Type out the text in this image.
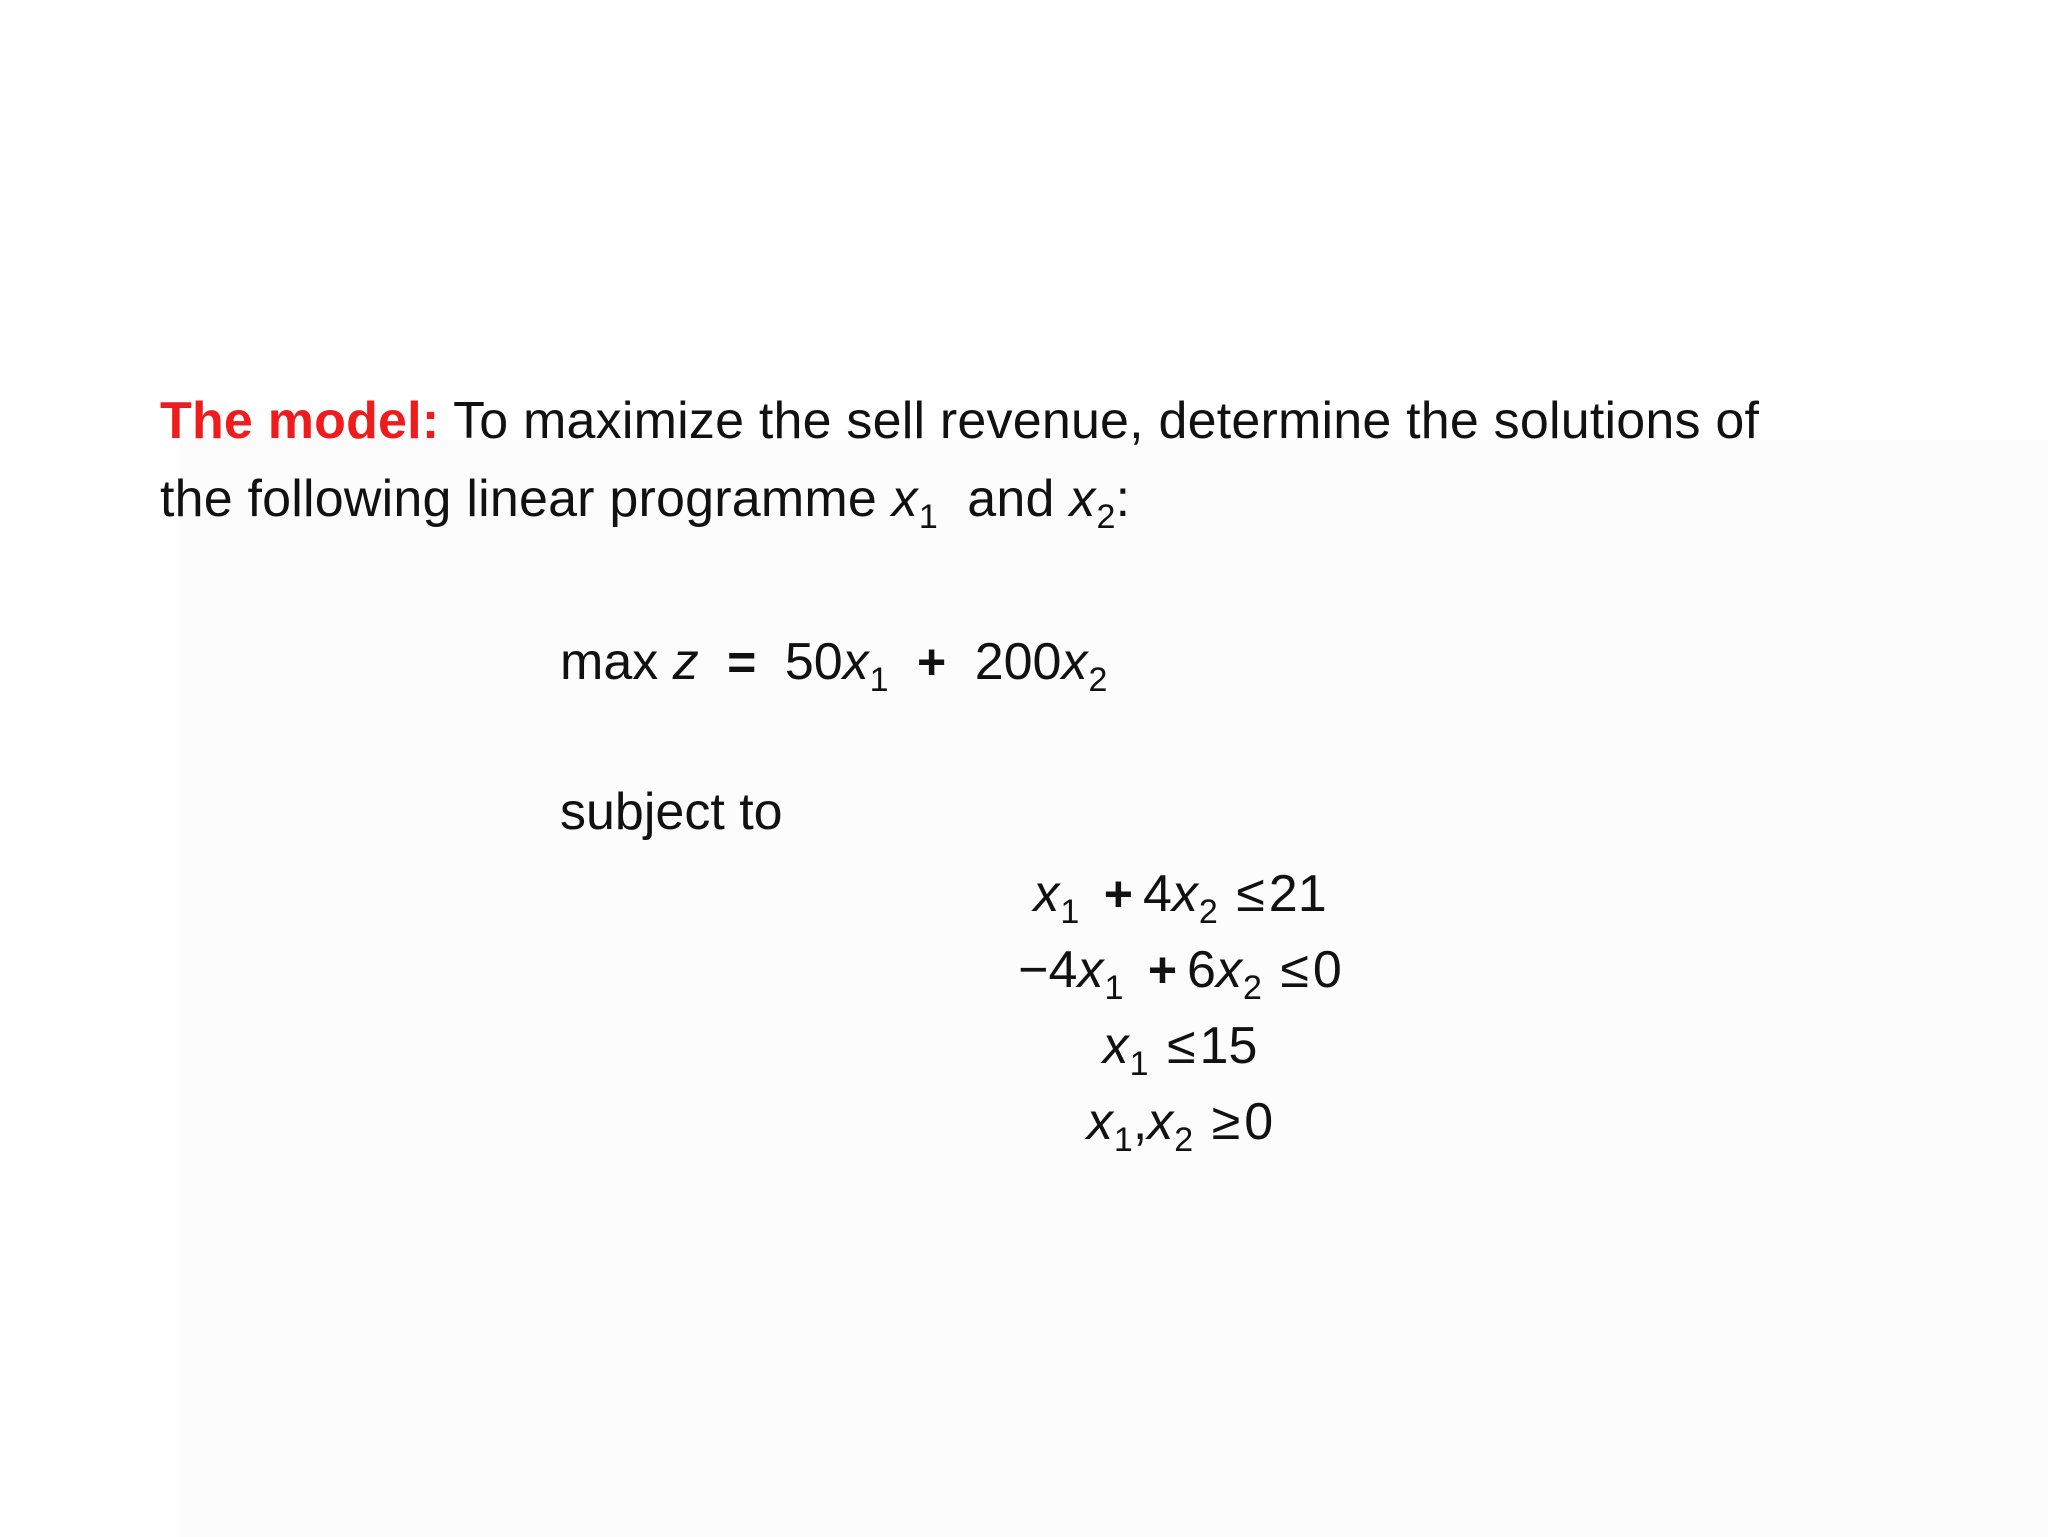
The model: To maximize the sell revenue, determine the solutions of
the following linear programme $x_1$ and $x_2$:
$\max z = 50x_1 + 200x_2$
subject to
$x_1 + 4x_2 \le 21$
$-4x_1 + 6x_2 \le 0$
$x_1 \le 15$
$x_1,x_2 \ge 0$
